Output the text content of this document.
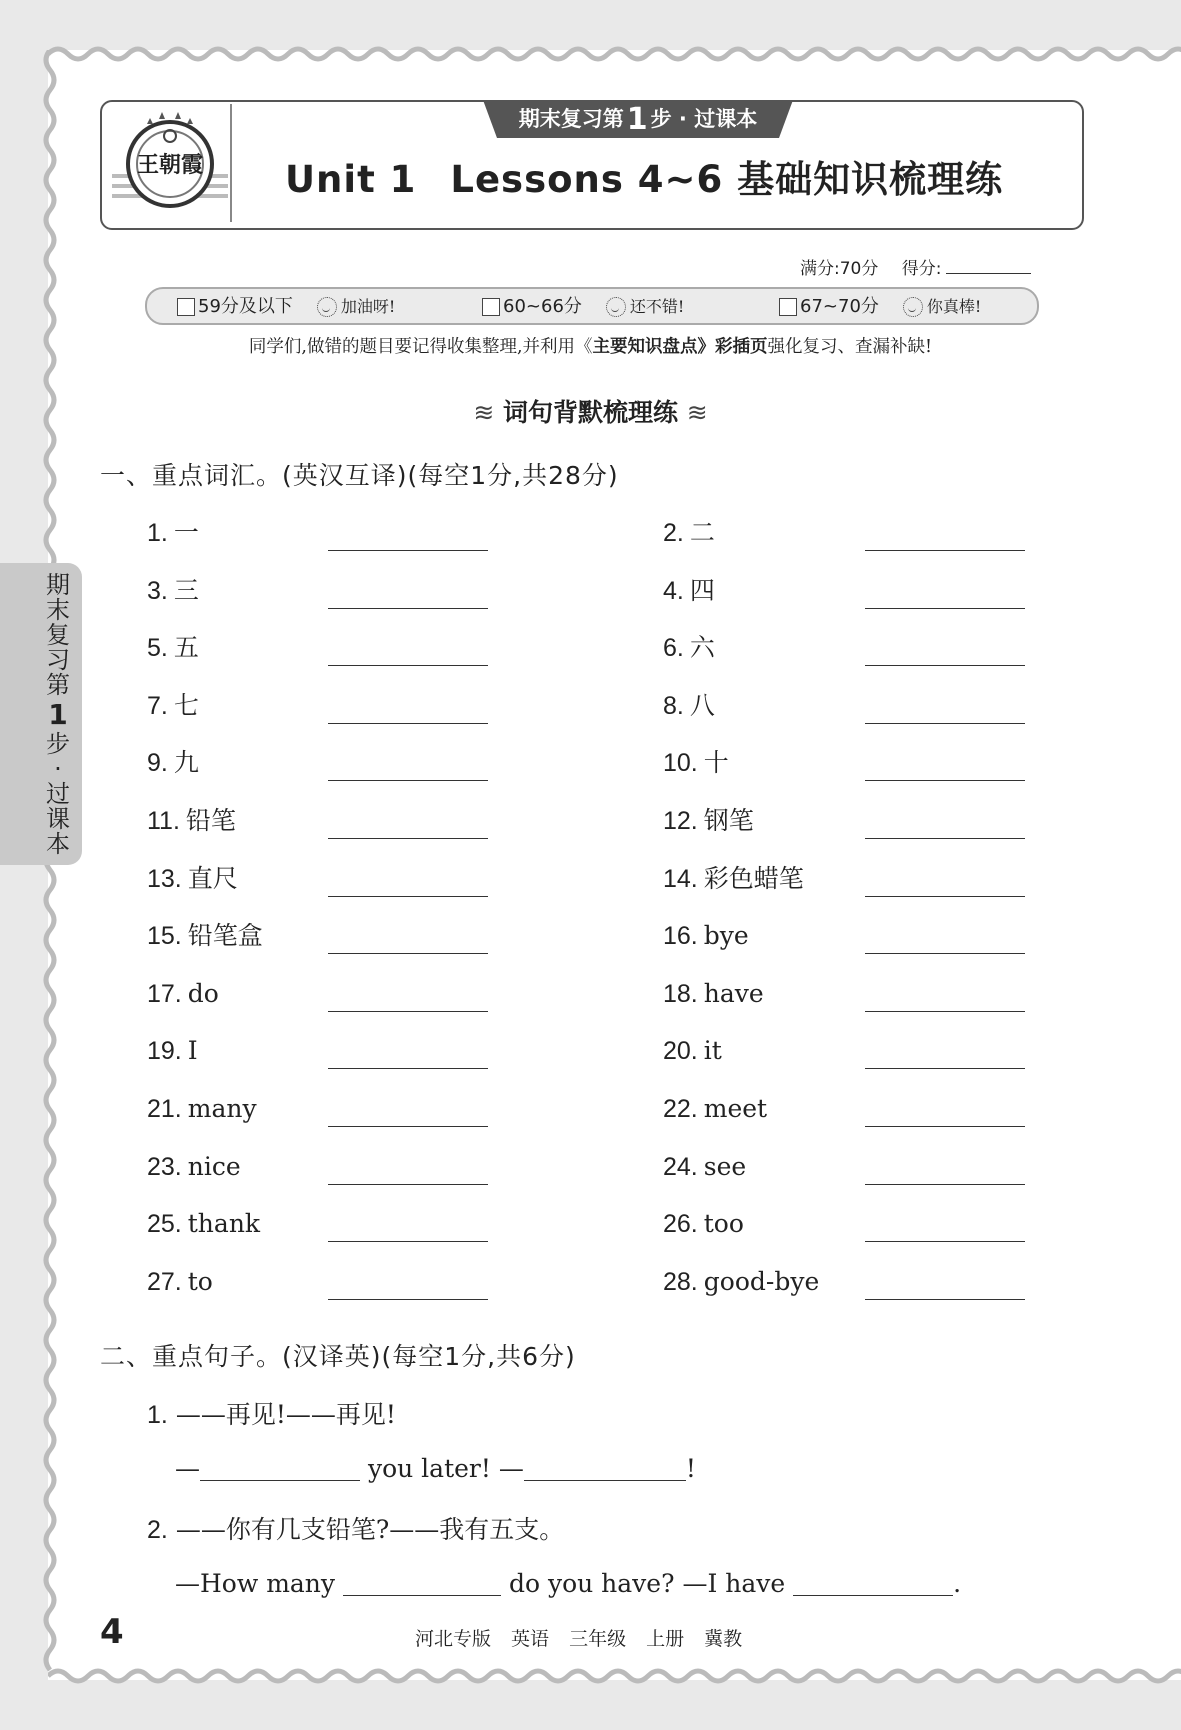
王朝霞
期末复习第 1 步 · 过课本
Unit 1 Lessons 4~6 基础知识梳理练
满分:70分 得分:
59分及以下	加油呀!	60~66分	还不错!	67~70分	你真棒!
同学们,做错的题目要记得收集整理,并利用《主要知识盘点》彩插页强化复习、查漏补缺!
≋ 词句背默梳理练 ≋
一、重点词汇。(英汉互译)(每空1分,共28分)
1. 一	2. 二
3. 三	4. 四
5. 五	6. 六
7. 七	8. 八
9. 九	10. 十
11. 铅笔	12. 钢笔
13. 直尺	14. 彩色蜡笔
15. 铅笔盒	16. bye
17. do	18. have
19. I	20. it
21. many	22. meet
23. nice	24. see
25. thank	26. too
27. to	28. good-bye
二、重点句子。(汉译英)(每空1分,共6分)
1. ——再见!——再见!
—	you later! —	!
2. ——你有几支铅笔?——我有五支。
—How many	do you have? —I have	.
期
末
复
习
第
1
步
·
过
课
本
4	河北专版 英语 三年级 上册 冀教
